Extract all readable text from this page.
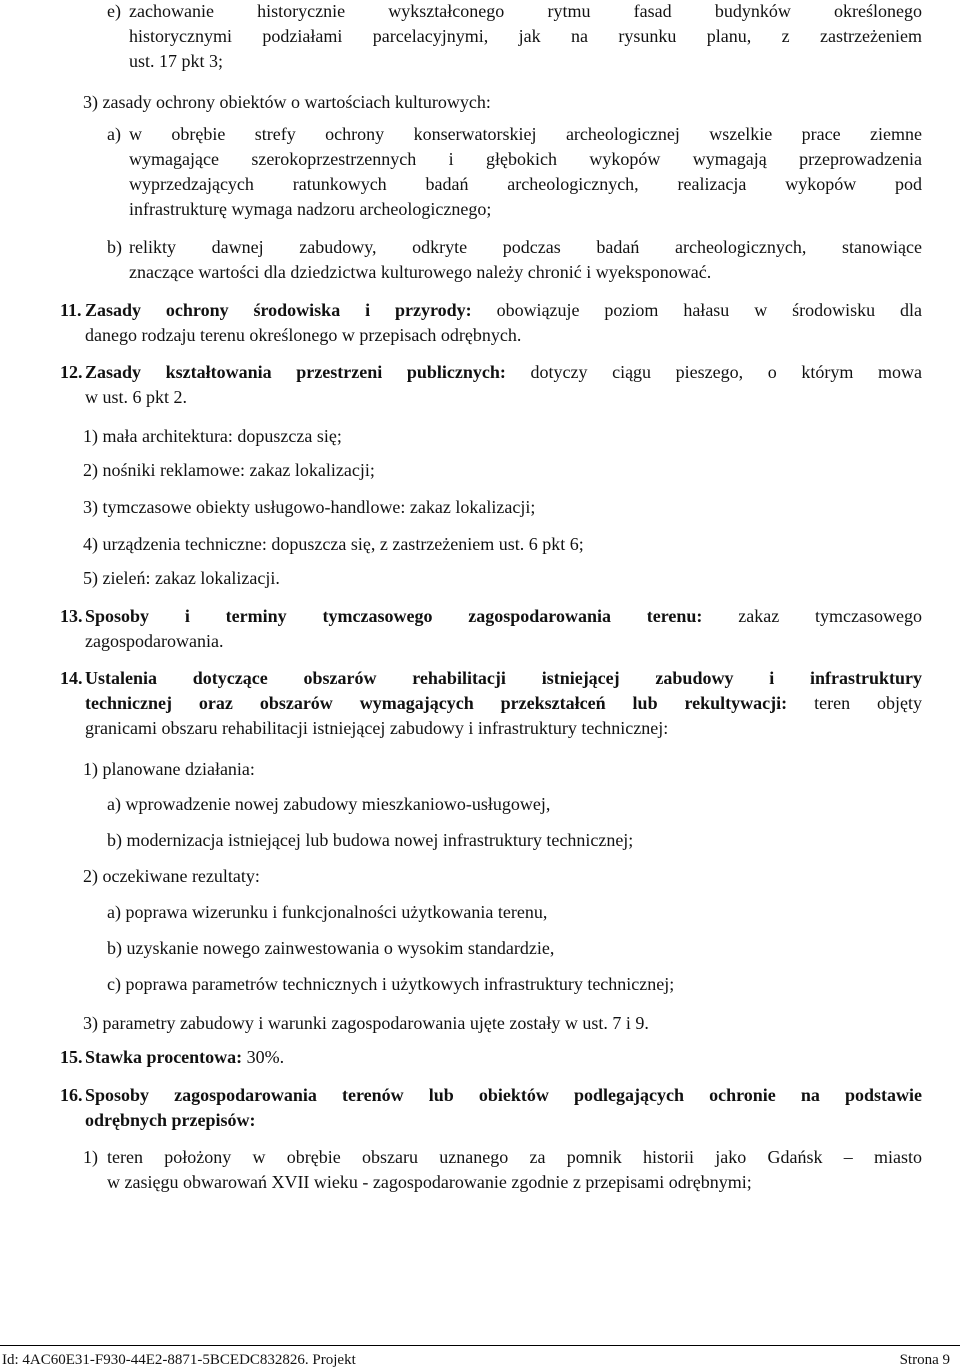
e) zachowanie historycznie wykształconego rytmu fasad budynków określonego
historycznymi podziałami parcelacyjnymi, jak na rysunku planu, z zastrzeżeniem
ust. 17 pkt 3;
3) zasady ochrony obiektów o wartościach kulturowych:
a) w obrębie strefy ochrony konserwatorskiej archeologicznej wszelkie prace ziemne
wymagające szerokoprzestrzennych i głębokich wykopów wymagają przeprowadzenia
wyprzedzających ratunkowych badań archeologicznych, realizacja wykopów pod
infrastrukturę wymaga nadzoru archeologicznego;
b) relikty dawnej zabudowy, odkryte podczas badań archeologicznych, stanowiące
znaczące wartości dla dziedzictwa kulturowego należy chronić i wyeksponować.
11. Zasady ochrony środowiska i przyrody: obowiązuje poziom hałasu w środowisku dla
danego rodzaju terenu określonego w przepisach odrębnych.
12. Zasady kształtowania przestrzeni publicznych: dotyczy ciągu pieszego, o którym mowa
w ust. 6 pkt 2.
1) mała architektura: dopuszcza się;
2) nośniki reklamowe: zakaz lokalizacji;
3) tymczasowe obiekty usługowo-handlowe: zakaz lokalizacji;
4) urządzenia techniczne: dopuszcza się, z zastrzeżeniem ust. 6 pkt 6;
5) zieleń: zakaz lokalizacji.
13. Sposoby i terminy tymczasowego zagospodarowania terenu: zakaz tymczasowego
zagospodarowania.
14. Ustalenia dotyczące obszarów rehabilitacji istniejącej zabudowy i infrastruktury
technicznej oraz obszarów wymagających przekształceń lub rekultywacji: teren objęty
granicami obszaru rehabilitacji istniejącej zabudowy i infrastruktury technicznej:
1) planowane działania:
a) wprowadzenie nowej zabudowy mieszkaniowo-usługowej,
b) modernizacja istniejącej lub budowa nowej infrastruktury technicznej;
2) oczekiwane rezultaty:
a) poprawa wizerunku i funkcjonalności użytkowania terenu,
b) uzyskanie nowego zainwestowania o wysokim standardzie,
c) poprawa parametrów technicznych i użytkowych infrastruktury technicznej;
3) parametry zabudowy i warunki zagospodarowania ujęte zostały w ust. 7 i 9.
15. Stawka procentowa: 30%.
16. Sposoby zagospodarowania terenów lub obiektów podlegających ochronie na podstawie
odrębnych przepisów:
1) teren położony w obrębie obszaru uznanego za pomnik historii jako Gdańsk – miasto
w zasięgu obwarowań XVII wieku - zagospodarowanie zgodnie z przepisami odrębnymi;
Id: 4AC60E31-F930-44E2-8871-5BCEDC832826. Projekt	Strona 9
